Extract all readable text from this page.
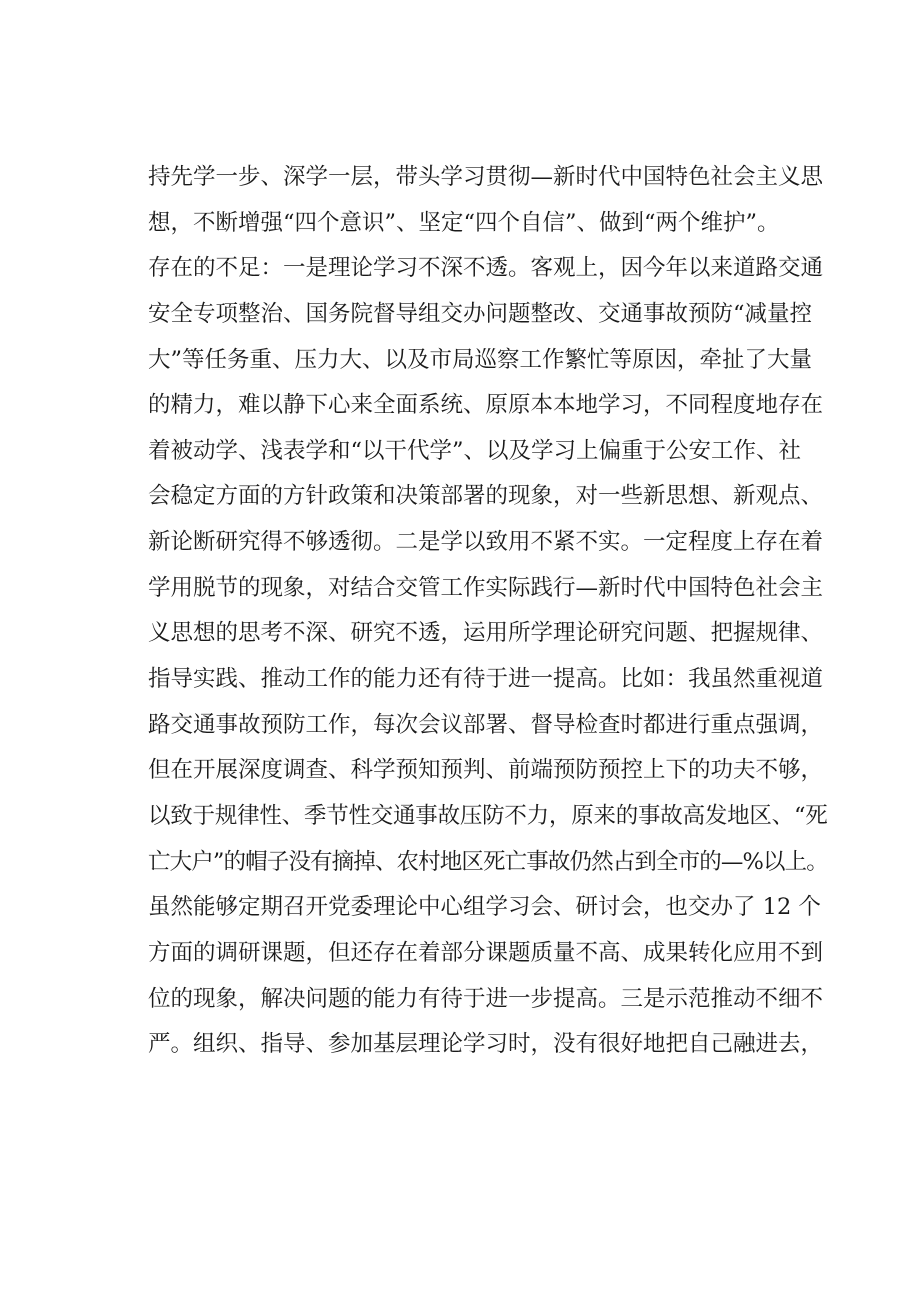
持先学一步、深学一层，带头学习贯彻—新时代中国特色社会主义思
想，不断增强“四个意识”、坚定“四个自信”、做到“两个维护”。
存在的不足：一是理论学习不深不透。客观上，因今年以来道路交通
安全专项整治、国务院督导组交办问题整改、交通事故预防“减量控
大”等任务重、压力大、以及市局巡察工作繁忙等原因，牵扯了大量
的精力，难以静下心来全面系统、原原本本地学习，不同程度地存在
着被动学、浅表学和“以干代学”、以及学习上偏重于公安工作、社
会稳定方面的方针政策和决策部署的现象，对一些新思想、新观点、
新论断研究得不够透彻。二是学以致用不紧不实。一定程度上存在着
学用脱节的现象，对结合交管工作实际践行—新时代中国特色社会主
义思想的思考不深、研究不透，运用所学理论研究问题、把握规律、
指导实践、推动工作的能力还有待于进一提高。比如：我虽然重视道
路交通事故预防工作，每次会议部署、督导检查时都进行重点强调，
但在开展深度调查、科学预知预判、前端预防预控上下的功夫不够，
以致于规律性、季节性交通事故压防不力，原来的事故高发地区、“死
亡大户”的帽子没有摘掉、农村地区死亡事故仍然占到全市的—%以上。
虽然能够定期召开党委理论中心组学习会、研讨会，也交办了 12 个
方面的调研课题，但还存在着部分课题质量不高、成果转化应用不到
位的现象，解决问题的能力有待于进一步提高。三是示范推动不细不
严。组织、指导、参加基层理论学习时，没有很好地把自己融进去，
